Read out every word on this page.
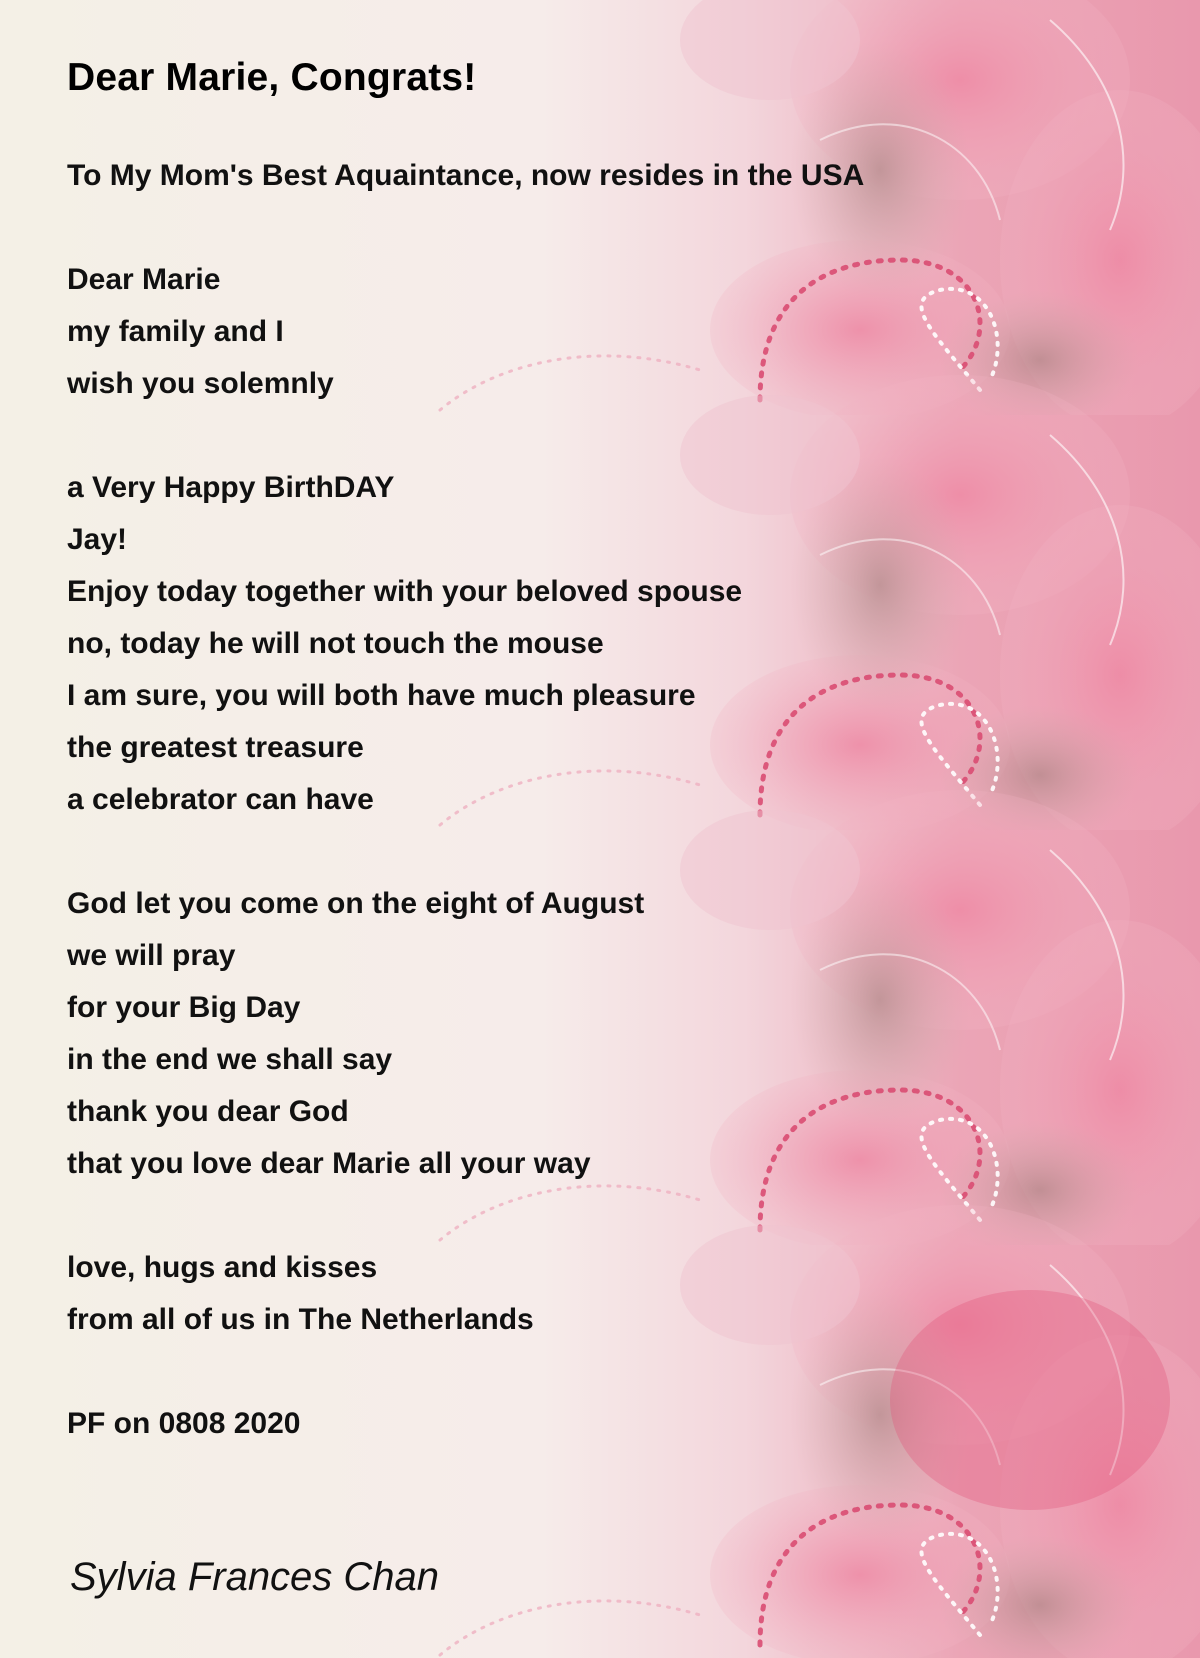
Dear Marie, Congrats!
To My Mom's Best Aquaintance, now resides in the USA
Dear Marie
my family and I
wish you solemnly
a Very Happy BirthDAY
Jay!
Enjoy today together with your beloved spouse
no, today he will not touch the mouse
I am sure, you will both have much pleasure
the greatest treasure
a celebrator can have
God let you come on the eight of August
we will pray
for your Big Day
in the end we shall say
thank you dear God
that you love dear Marie all your way
love, hugs and kisses
from all of us in The Netherlands
PF on 0808 2020
Sylvia Frances Chan
